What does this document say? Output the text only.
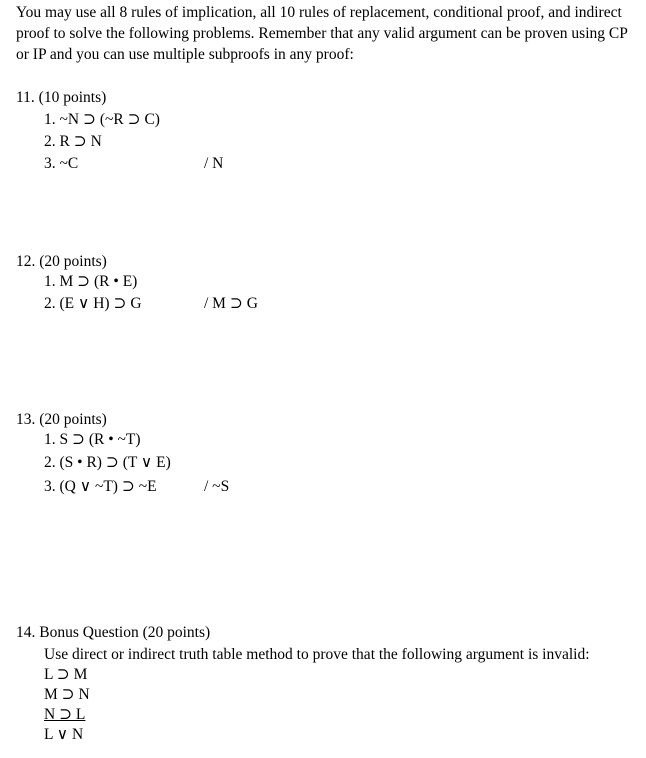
You may use all 8 rules of implication, all 10 rules of replacement, conditional proof, and indirect proof to solve the following problems. Remember that any valid argument can be proven using CP or IP and you can use multiple subproofs in any proof:
11. (10 points)
1. ~N ⊃ (~R ⊃ C)
2. R ⊃ N
3. ~C	/ N
12. (20 points)
1. M ⊃ (R • E)
2. (E ∨ H) ⊃ G	/ M ⊃ G
13. (20 points)
1. S ⊃ (R • ~T)
2. (S • R) ⊃ (T ∨ E)
3. (Q ∨ ~T) ⊃ ~E	/ ~S
14. Bonus Question (20 points)
Use direct or indirect truth table method to prove that the following argument is invalid:
L ⊃ M
M ⊃ N
N ⊃ L
L ∨ N
